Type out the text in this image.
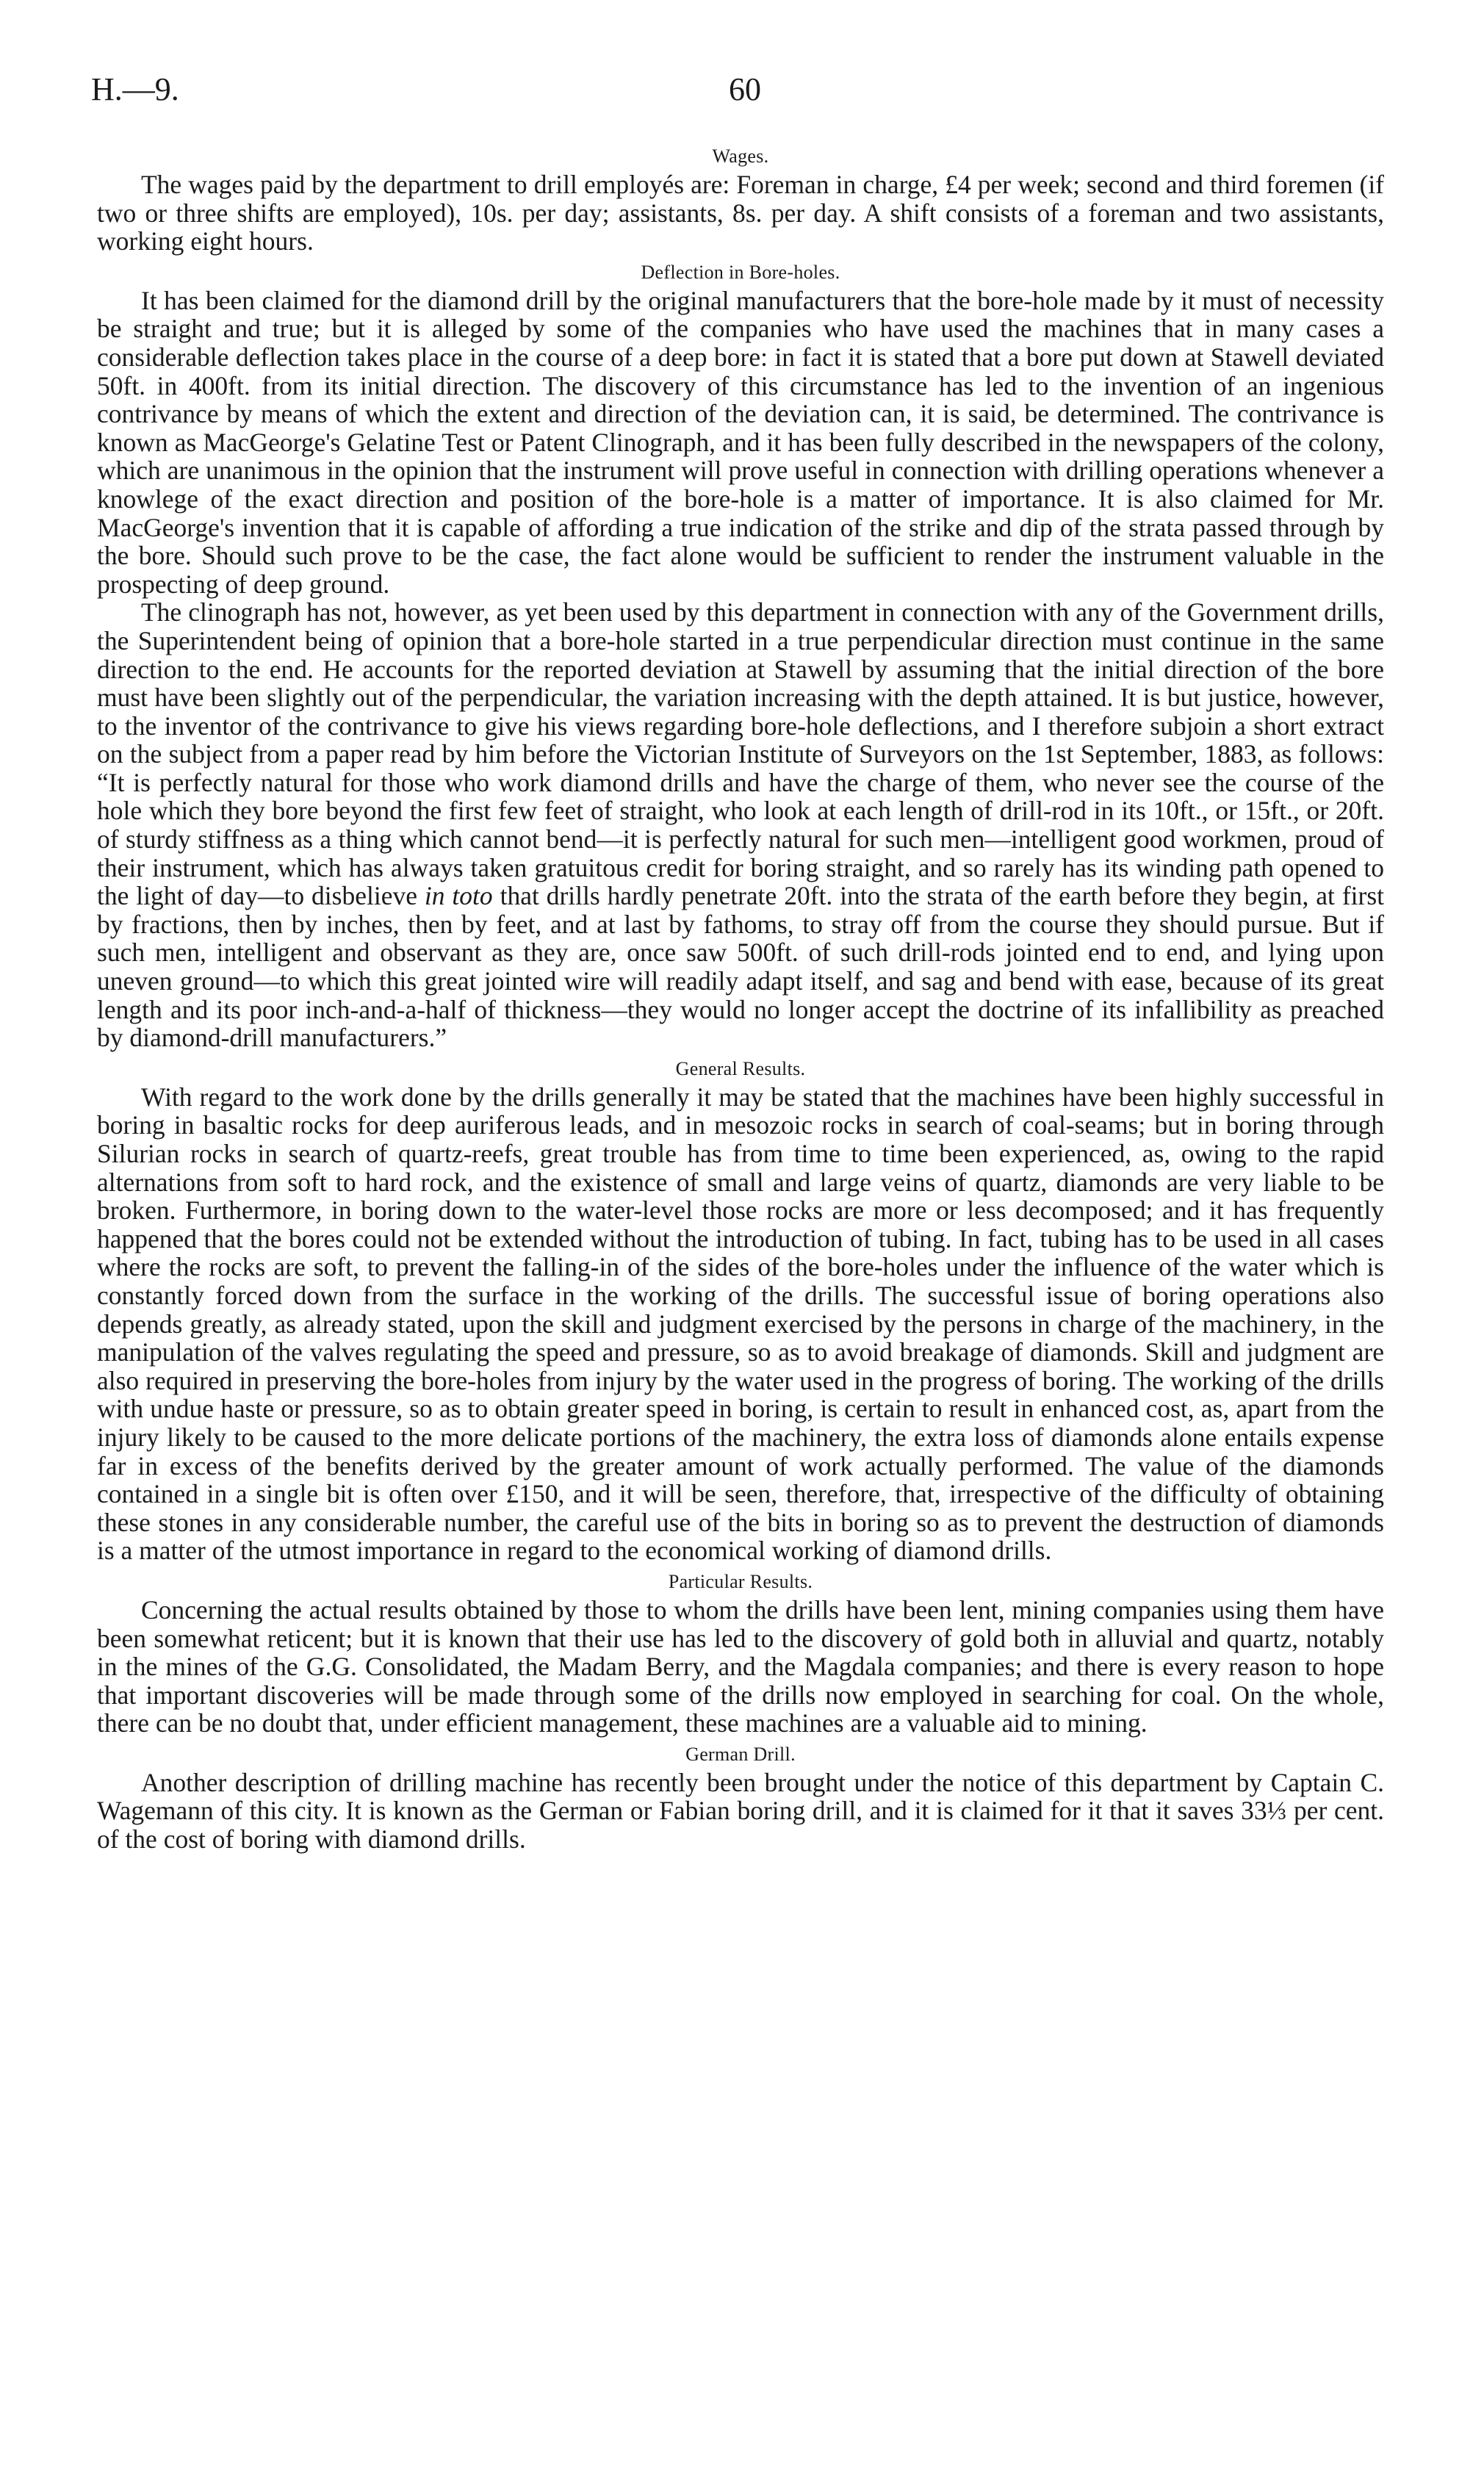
H.—9.	60
Wages.

The wages paid by the department to drill employés are: Foreman in charge, £4 per week; second and third foremen (if two or three shifts are employed), 10s. per day; assistants, 8s. per day. A shift consists of a foreman and two assistants, working eight hours.

Deflection in Bore-holes.

It has been claimed for the diamond drill by the original manufacturers that the bore-hole made by it must of necessity be straight and true; but it is alleged by some of the companies who have used the machines that in many cases a considerable deflection takes place in the course of a deep bore: in fact it is stated that a bore put down at Stawell deviated 50ft. in 400ft. from its initial direction. The discovery of this circumstance has led to the invention of an ingenious contrivance by means of which the extent and direction of the deviation can, it is said, be determined. The contrivance is known as MacGeorge's Gelatine Test or Patent Clinograph, and it has been fully described in the newspapers of the colony, which are unanimous in the opinion that the instrument will prove useful in connection with drilling operations whenever a knowlege of the exact direction and position of the bore-hole is a matter of importance. It is also claimed for Mr. MacGeorge's invention that it is capable of affording a true indication of the strike and dip of the strata passed through by the bore. Should such prove to be the case, the fact alone would be sufficient to render the instrument valuable in the prospecting of deep ground.

The clinograph has not, however, as yet been used by this department in connection with any of the Government drills, the Superintendent being of opinion that a bore-hole started in a true perpendicular direction must continue in the same direction to the end. He accounts for the reported deviation at Stawell by assuming that the initial direction of the bore must have been slightly out of the perpendicular, the variation increasing with the depth attained. It is but justice, however, to the inventor of the contrivance to give his views regarding bore-hole deflections, and I therefore subjoin a short extract on the subject from a paper read by him before the Victorian Institute of Surveyors on the 1st September, 1883, as follows: “It is perfectly natural for those who work diamond drills and have the charge of them, who never see the course of the hole which they bore beyond the first few feet of straight, who look at each length of drill-rod in its 10ft., or 15ft., or 20ft. of sturdy stiffness as a thing which cannot bend—it is perfectly natural for such men—intelligent good workmen, proud of their instrument, which has always taken gratuitous credit for boring straight, and so rarely has its winding path opened to the light of day—to disbelieve in toto that drills hardly penetrate 20ft. into the strata of the earth before they begin, at first by fractions, then by inches, then by feet, and at last by fathoms, to stray off from the course they should pursue. But if such men, intelligent and observant as they are, once saw 500ft. of such drill-rods jointed end to end, and lying upon uneven ground—to which this great jointed wire will readily adapt itself, and sag and bend with ease, because of its great length and its poor inch-and-a-half of thickness—they would no longer accept the doctrine of its infallibility as preached by diamond-drill manufacturers.”

General Results.

With regard to the work done by the drills generally it may be stated that the machines have been highly successful in boring in basaltic rocks for deep auriferous leads, and in mesozoic rocks in search of coal-seams; but in boring through Silurian rocks in search of quartz-reefs, great trouble has from time to time been experienced, as, owing to the rapid alternations from soft to hard rock, and the existence of small and large veins of quartz, diamonds are very liable to be broken. Furthermore, in boring down to the water-level those rocks are more or less decomposed; and it has frequently happened that the bores could not be extended without the introduction of tubing. In fact, tubing has to be used in all cases where the rocks are soft, to prevent the falling-in of the sides of the bore-holes under the influence of the water which is constantly forced down from the surface in the working of the drills. The successful issue of boring operations also depends greatly, as already stated, upon the skill and judgment exercised by the persons in charge of the machinery, in the manipulation of the valves regulating the speed and pressure, so as to avoid breakage of diamonds. Skill and judgment are also required in preserving the bore-holes from injury by the water used in the progress of boring. The working of the drills with undue haste or pressure, so as to obtain greater speed in boring, is certain to result in enhanced cost, as, apart from the injury likely to be caused to the more delicate portions of the machinery, the extra loss of diamonds alone entails expense far in excess of the benefits derived by the greater amount of work actually performed. The value of the diamonds contained in a single bit is often over £150, and it will be seen, therefore, that, irrespective of the difficulty of obtaining these stones in any considerable number, the careful use of the bits in boring so as to prevent the destruction of diamonds is a matter of the utmost importance in regard to the economical working of diamond drills.

Particular Results.

Concerning the actual results obtained by those to whom the drills have been lent, mining companies using them have been somewhat reticent; but it is known that their use has led to the discovery of gold both in alluvial and quartz, notably in the mines of the G.G. Consolidated, the Madam Berry, and the Magdala companies; and there is every reason to hope that important discoveries will be made through some of the drills now employed in searching for coal. On the whole, there can be no doubt that, under efficient management, these machines are a valuable aid to mining.

German Drill.

Another description of drilling machine has recently been brought under the notice of this department by Captain C. Wagemann of this city. It is known as the German or Fabian boring drill, and it is claimed for it that it saves 33⅓ per cent. of the cost of boring with diamond drills.
